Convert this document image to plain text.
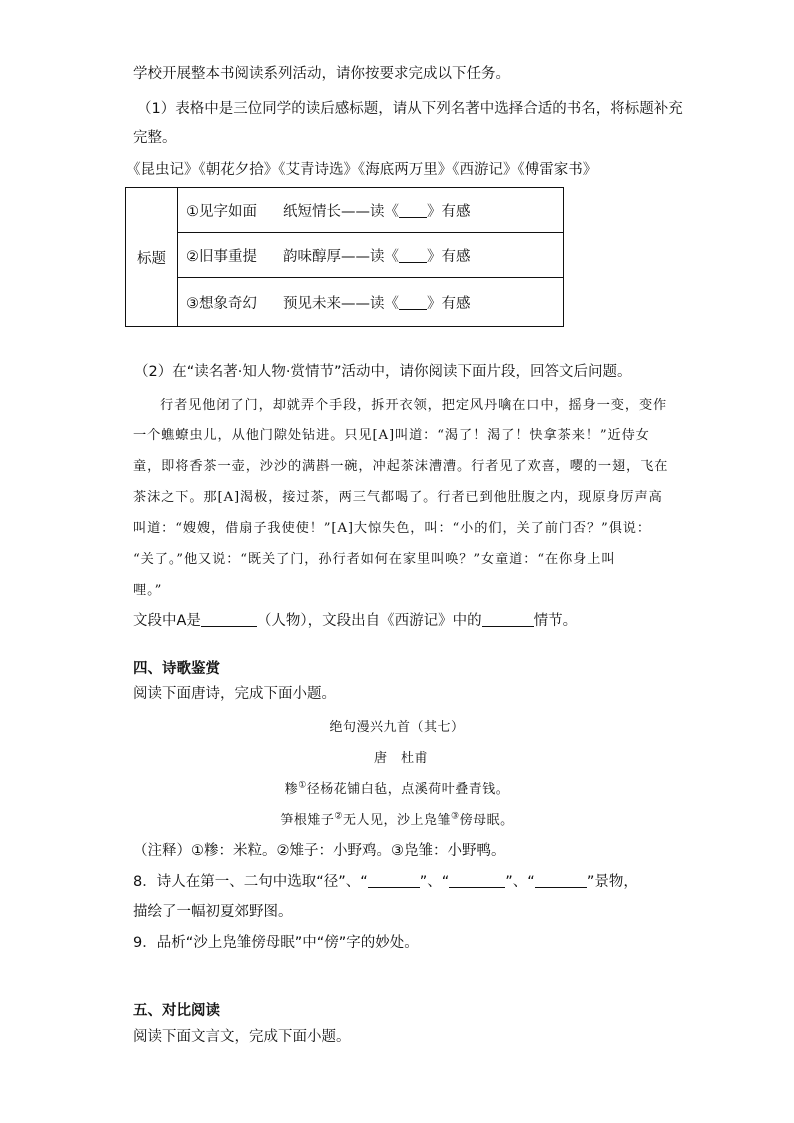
学校开展整本书阅读系列活动，请你按要求完成以下任务。
（1）表格中是三位同学的读后感标题，请从下列名著中选择合适的书名，将标题补充
完整。
《昆虫记》《朝花夕拾》《艾青诗选》《海底两万里》《西游记》《傅雷家书》
标题	①见字如面 纸短情长——读《 》有感
②旧事重提 韵味醇厚——读《 》有感
③想象奇幻 预见未来——读《 》有感
（2）在“读名著·知人物·赏情节”活动中，请你阅读下面片段，回答文后问题。
行者见他闭了门，却就弄个手段，拆开衣领，把定风丹噙在口中，摇身一变，变作
一个蟭蟟虫儿，从他门隙处钻进。只见[A]叫道：“渴了！渴了！快拿茶来！”近侍女
童，即将香茶一壶，沙沙的满斟一碗，冲起茶沫漕漕。行者见了欢喜，嘤的一翅，飞在
茶沫之下。那[A]渴极，接过茶，两三气都喝了。行者已到他肚腹之内，现原身厉声高
叫道：“嫂嫂，借扇子我使使！”[A]大惊失色，叫：“小的们，关了前门否？”俱说：
“关了。”他又说：“既关了门，孙行者如何在家里叫唤？”女童道：“在你身上叫
哩。”
文段中A是	（人物），文段出自《西游记》中的	情节。
四、诗歌鉴赏
阅读下面唐诗，完成下面小题。
绝句漫兴九首（其七）
唐　杜甫
糁①径杨花铺白毡，点溪荷叶叠青钱。
笋根雉子②无人见，沙上凫雏③傍母眠。
（注释）①糁：米粒。②雉子：小野鸡。③凫雏：小野鸭。
8．诗人在第一、二句中选取“径”、“	”、“	”、“	”景物，
描绘了一幅初夏郊野图。
9．品析“沙上凫雏傍母眠”中“傍”字的妙处。
五、对比阅读
阅读下面文言文，完成下面小题。
